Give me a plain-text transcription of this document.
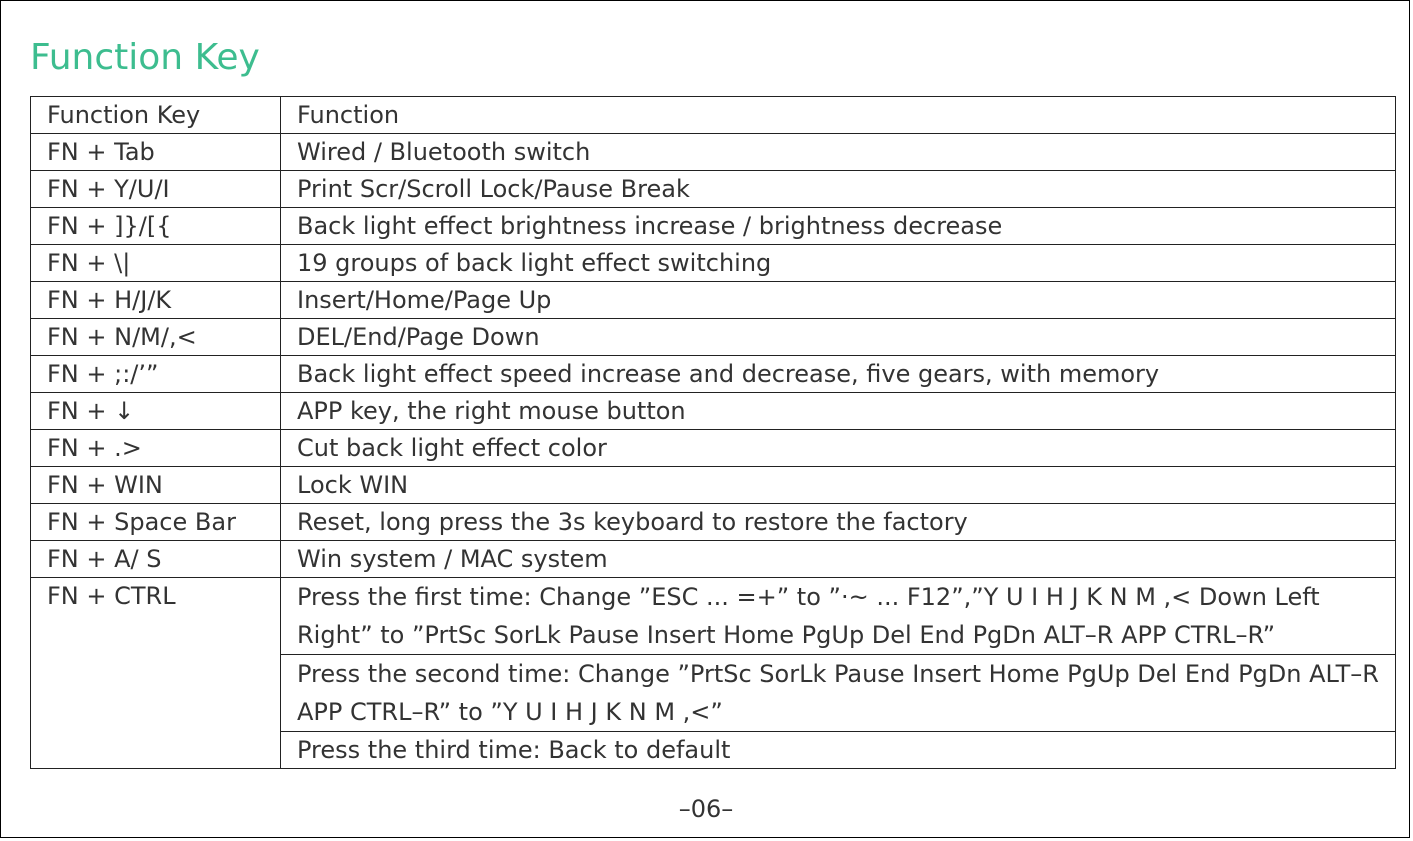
Function Key
Function Key	Function
FN + Tab	Wired / Bluetooth switch
FN + Y/U/I	Print Scr/Scroll Lock/Pause Break
FN + ]}/[{	Back light effect brightness increase / brightness decrease
FN + \|	19 groups of back light effect switching
FN + H/J/K	Insert/Home/Page Up
FN + N/M/,<	DEL/End/Page Down
FN + ;:/’”	Back light effect speed increase and decrease, five gears, with memory
FN + ↓	APP key, the right mouse button
FN + .>	Cut back light effect color
FN + WIN	Lock WIN
FN + Space Bar	Reset, long press the 3s keyboard to restore the factory
FN + A/ S	Win system / MAC system
FN + CTRL	Press the first time: Change ”ESC ... =+” to ”·~ ... F12”,”Y U I H J K N M ,< Down Left Right” to ”PrtSc SorLk Pause Insert Home PgUp Del End PgDn ALT–R APP CTRL–R”
	Press the second time: Change ”PrtSc SorLk Pause Insert Home PgUp Del End PgDn ALT–R APP CTRL–R” to ”Y U I H J K N M ,<”
	Press the third time: Back to default
–06–
